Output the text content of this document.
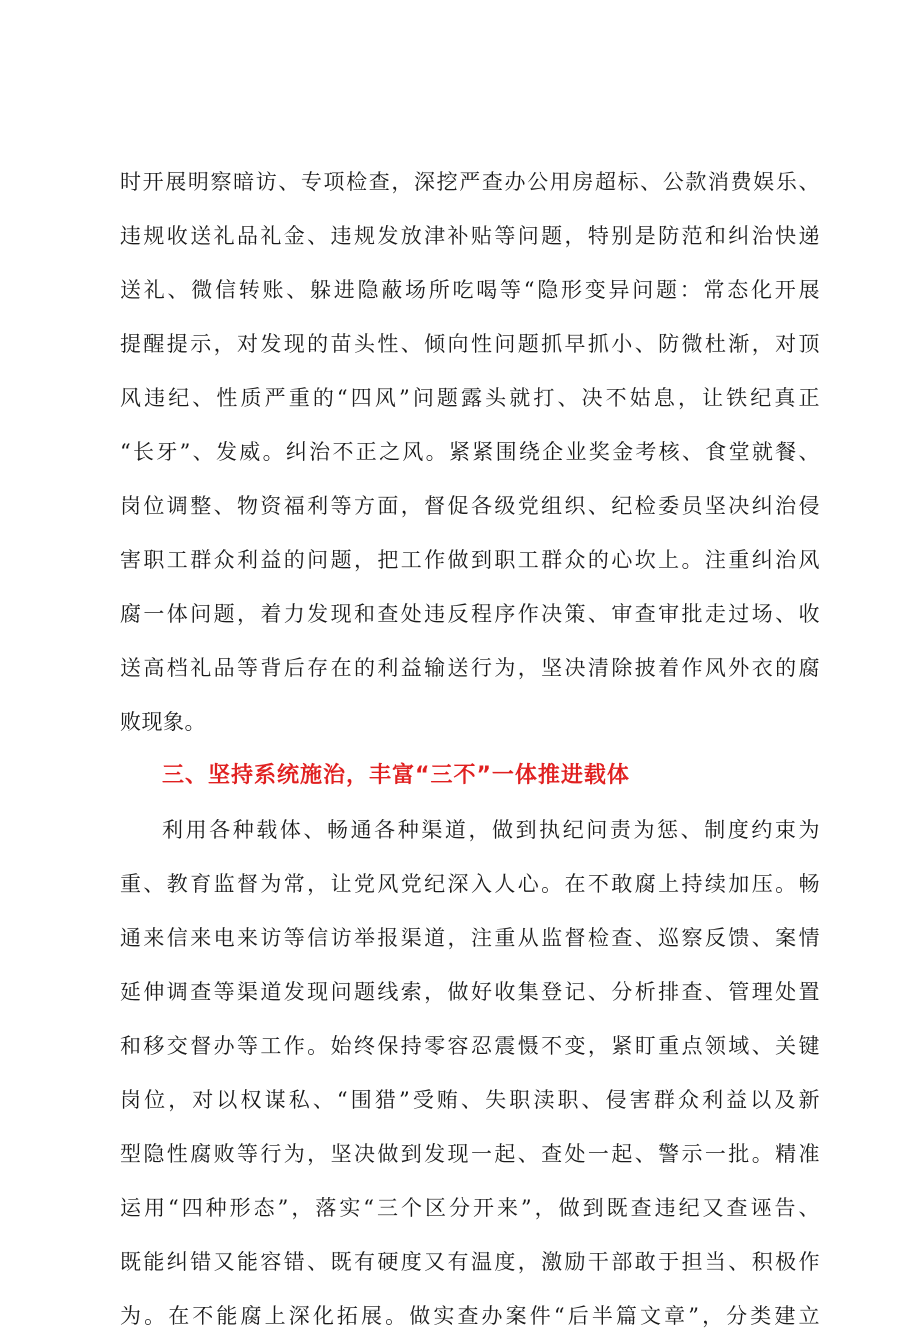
时开展明察暗访、专项检查，深挖严查办公用房超标、公款消费娱乐、
违规收送礼品礼金、违规发放津补贴等问题，特别是防范和纠治快递
送礼、微信转账、躲进隐蔽场所吃喝等“隐形变异问题：常态化开展
提醒提示，对发现的苗头性、倾向性问题抓早抓小、防微杜渐，对顶
风违纪、性质严重的“四风”问题露头就打、决不姑息，让铁纪真正
“长牙”、发威。纠治不正之风。紧紧围绕企业奖金考核、食堂就餐、
岗位调整、物资福利等方面，督促各级党组织、纪检委员坚决纠治侵
害职工群众利益的问题，把工作做到职工群众的心坎上。注重纠治风
腐一体问题，着力发现和查处违反程序作决策、审查审批走过场、收
送高档礼品等背后存在的利益输送行为，坚决清除披着作风外衣的腐
败现象。
三、坚持系统施治，丰富“三不”一体推进载体
利用各种载体、畅通各种渠道，做到执纪问责为惩、制度约束为
重、教育监督为常，让党风党纪深入人心。在不敢腐上持续加压。畅
通来信来电来访等信访举报渠道，注重从监督检查、巡察反馈、案情
延伸调查等渠道发现问题线索，做好收集登记、分析排查、管理处置
和移交督办等工作。始终保持零容忍震慑不变，紧盯重点领域、关键
岗位，对以权谋私、“围猎”受贿、失职渎职、侵害群众利益以及新
型隐性腐败等行为，坚决做到发现一起、查处一起、警示一批。精准
运用“四种形态”，落实“三个区分开来”，做到既查违纪又查诬告、
既能纠错又能容错、既有硬度又有温度，激励干部敢于担当、积极作
为。在不能腐上深化拓展。做实查办案件“后半篇文章”，分类建立
